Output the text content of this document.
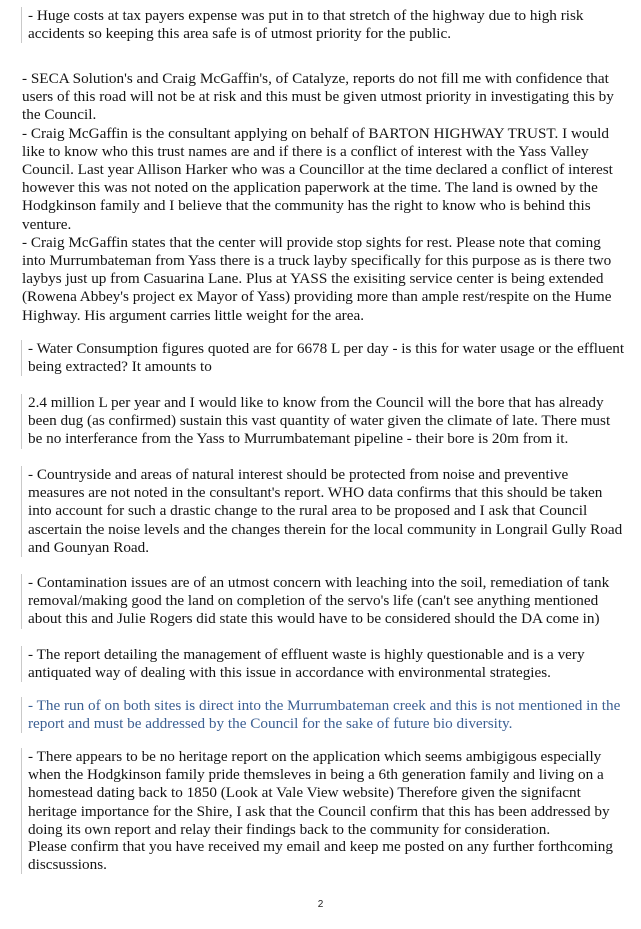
- Huge costs at tax payers expense was put in to that stretch of the highway due to high risk accidents so keeping this area safe is of utmost priority for the public.

- SECA Solution's and Craig McGaffin's, of Catalyze, reports do not fill me with confidence that users of this road will not be at risk and this must be given utmost priority in investigating this by the Council.
- Craig McGaffin is the consultant applying on behalf of BARTON HIGHWAY TRUST. I would like to know who this trust names are and if there is a conflict of interest with the Yass Valley Council. Last year Allison Harker who was a Councillor at the time declared a conflict of interest however this was not noted on the application paperwork at the time. The land is owned by the Hodgkinson family and I believe that the community has the right to know who is behind this venture.
- Craig McGaffin states that the center will provide stop sights for rest. Please note that coming into Murrumbateman from Yass there is a truck layby specifically for this purpose as is there two laybys just up from Casuarina Lane. Plus at YASS the exisiting service center is being extended (Rowena Abbey's project ex Mayor of Yass) providing more than ample rest/respite on the Hume Highway. His argument carries little weight for the area.

- Water Consumption figures quoted are for 6678 L per day - is this for water usage or the effluent being extracted? It amounts to

2.4 million L per year and I would like to know from the Council will the bore that has already been dug (as confirmed) sustain this vast quantity of water given the climate of late. There must be no interferance from the Yass to Murrumbatemant pipeline - their bore is 20m from it.

- Countryside and areas of natural interest should be protected from noise and preventive measures are not noted in the consultant's report. WHO data confirms that this should be taken into account for such a drastic change to the rural area to be proposed and I ask that Council ascertain the noise levels and the changes therein for the local community in Longrail Gully Road and Gounyan Road.

- Contamination issues are of an utmost concern with leaching into the soil, remediation of tank removal/making good the land on completion of the servo's life (can't see anything mentioned about this and Julie Rogers did state this would have to be considered should the DA come in)

- The report detailing the management of effluent waste is highly questionable and is a very antiquated way of dealing with this issue in accordance with environmental strategies.

- The run of on both sites is direct into the Murrumbateman creek and this is not mentioned in the report and must be addressed by the Council for the sake of future bio diversity.

- There appears to be no heritage report on the application which seems ambigigous especially when the Hodgkinson family pride themsleves in being a 6th generation family and living on a homestead dating back to 1850 (Look at Vale View website) Therefore given the signifacnt heritage importance for the Shire, I ask that the Council confirm that this has been addressed by doing its own report and relay their findings back to the community for consideration.

Please confirm that you have received my email and keep me posted on any further forthcoming discsussions.

2
